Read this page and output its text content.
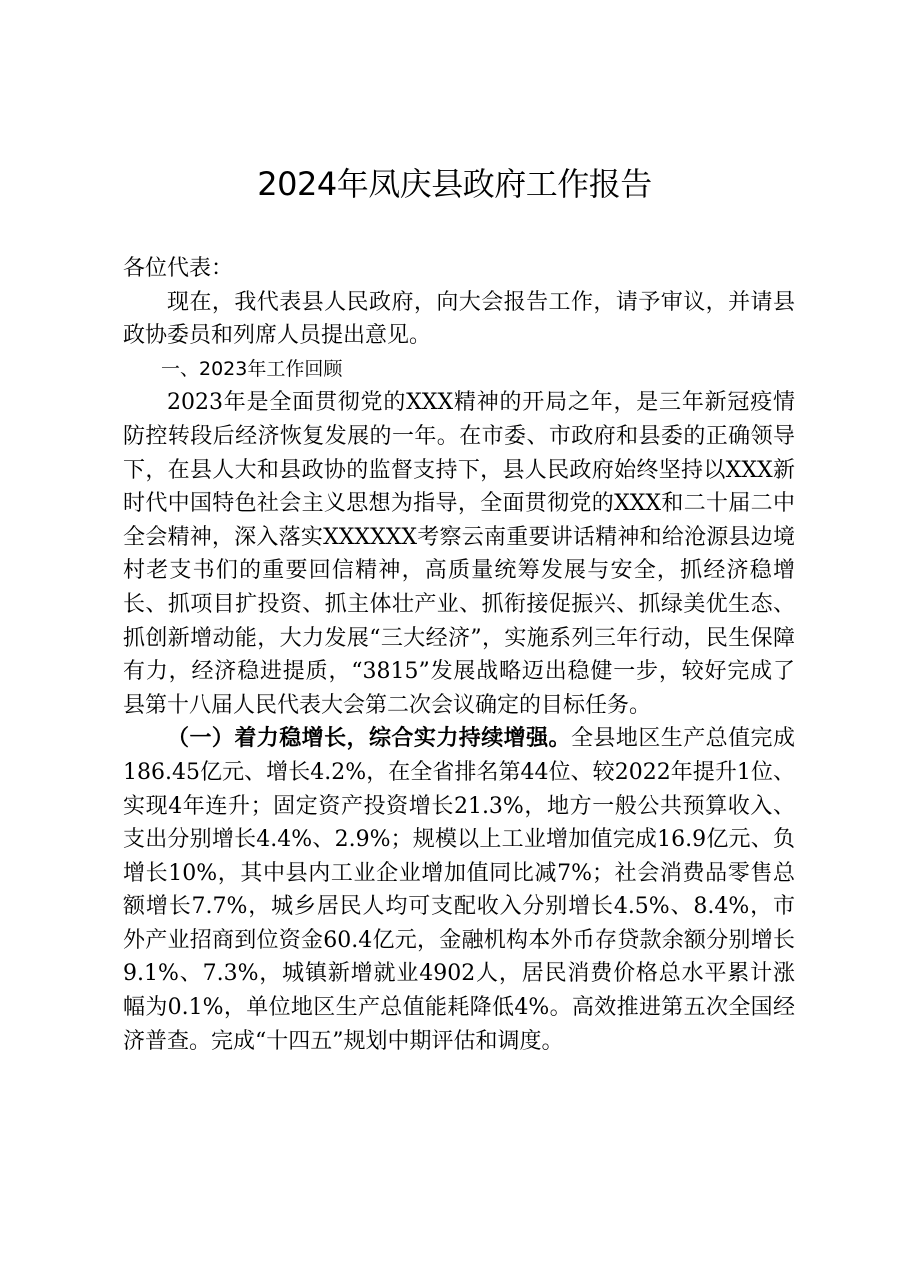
2024年凤庆县政府工作报告

各位代表：

现在，我代表县人民政府，向大会报告工作，请予审议，并请县政协委员和列席人员提出意见。

一、2023年工作回顾

2023年是全面贯彻党的XXX精神的开局之年，是三年新冠疫情防控转段后经济恢复发展的一年。在市委、市政府和县委的正确领导下，在县人大和县政协的监督支持下，县人民政府始终坚持以XXX新时代中国特色社会主义思想为指导，全面贯彻党的XXX和二十届二中全会精神，深入落实XXXXXX考察云南重要讲话精神和给沧源县边境村老支书们的重要回信精神，高质量统筹发展与安全，抓经济稳增长、抓项目扩投资、抓主体壮产业、抓衔接促振兴、抓绿美优生态、抓创新增动能，大力发展“三大经济”，实施系列三年行动，民生保障有力，经济稳进提质，“3815”发展战略迈出稳健一步，较好完成了县第十八届人民代表大会第二次会议确定的目标任务。

（一）着力稳增长，综合实力持续增强。全县地区生产总值完成186.45亿元、增长4.2%，在全省排名第44位、较2022年提升1位、实现4年连升；固定资产投资增长21.3%，地方一般公共预算收入、支出分别增长4.4%、2.9%；规模以上工业增加值完成16.9亿元、负增长10%，其中县内工业企业增加值同比减7%；社会消费品零售总额增长7.7%，城乡居民人均可支配收入分别增长4.5%、8.4%，市外产业招商到位资金60.4亿元，金融机构本外币存贷款余额分别增长9.1%、7.3%，城镇新增就业4902人，居民消费价格总水平累计涨幅为0.1%，单位地区生产总值能耗降低4%。高效推进第五次全国经济普查。完成“十四五”规划中期评估和调度。
